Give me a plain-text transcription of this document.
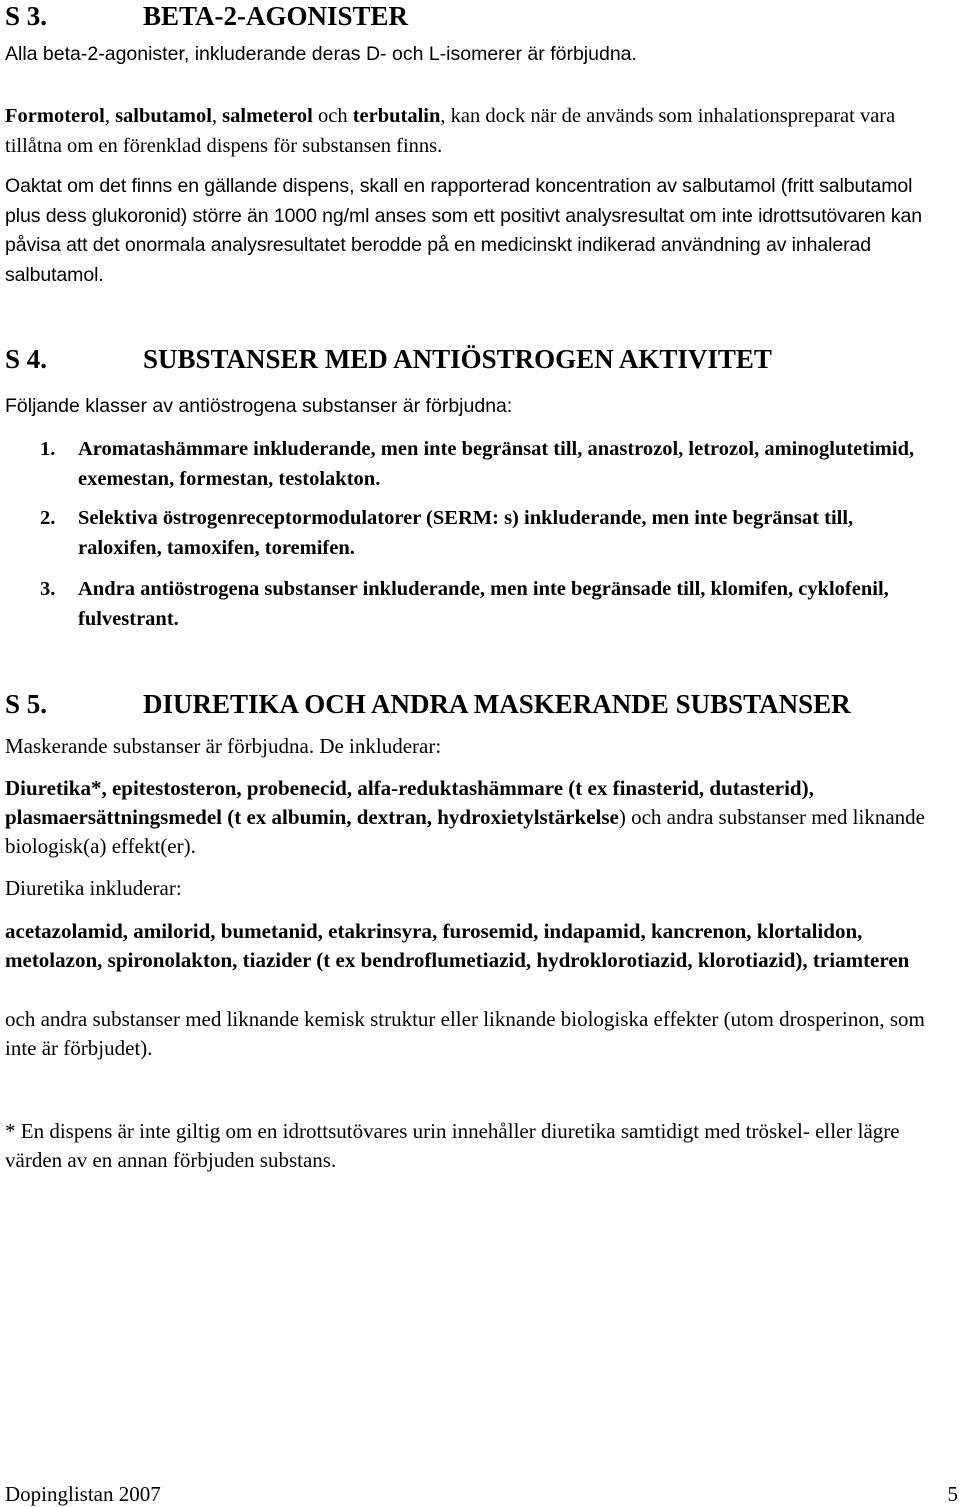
S 3.	BETA-2-AGONISTER

Alla beta-2-agonister, inkluderande deras D- och L-isomerer är förbjudna.

Formoterol, salbutamol, salmeterol och terbutalin, kan dock när de används som inhalationspreparat vara tillåtna om en förenklad dispens för substansen finns.

Oaktat om det finns en gällande dispens, skall en rapporterad koncentration av salbutamol (fritt salbutamol plus dess glukoronid) större än 1000 ng/ml anses som ett positivt analysresultat om inte idrottsutövaren kan påvisa att det onormala analysresultatet berodde på en medicinskt indikerad användning av inhalerad salbutamol.

S 4.	SUBSTANSER MED ANTIÖSTROGEN AKTIVITET

Följande klasser av antiöstrogena substanser är förbjudna:

1. Aromatashämmare inkluderande, men inte begränsat till, anastrozol, letrozol, aminoglutetimid, exemestan, formestan, testolakton.
2. Selektiva östrogenreceptormodulatorer (SERM: s) inkluderande, men inte begränsat till, raloxifen, tamoxifen, toremifen.
3. Andra antiöstrogena substanser inkluderande, men inte begränsade till, klomifen, cyklofenil, fulvestrant.
S 5.	DIURETIKA OCH ANDRA MASKERANDE SUBSTANSER

Maskerande substanser är förbjudna. De inkluderar:

Diuretika*, epitestosteron, probenecid, alfa-reduktashämmare (t ex finasterid, dutasterid), plasmaersättningsmedel (t ex albumin, dextran, hydroxietylstärkelse) och andra substanser med liknande biologisk(a) effekt(er).

Diuretika inkluderar:

acetazolamid, amilorid, bumetanid, etakrinsyra, furosemid, indapamid, kancrenon, klortalidon, metolazon, spironolakton, tiazider (t ex bendroflumetiazid, hydroklorotiazid, klorotiazid), triamteren

och andra substanser med liknande kemisk struktur eller liknande biologiska effekter (utom drosperinon, som inte är förbjudet).

* En dispens är inte giltig om en idrottsutövares urin innehåller diuretika samtidigt med tröskel- eller lägre värden av en annan förbjuden substans.

Dopinglistan 2007	5
